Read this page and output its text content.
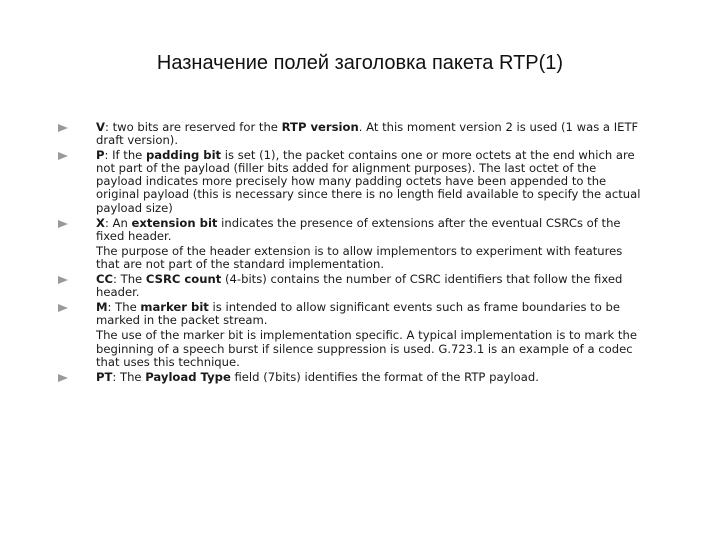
Назначение полей заголовка пакета RTP(1)

V: two bits are reserved for the RTP version. At this moment version 2 is used (1 was a IETF draft version).

P: If the padding bit is set (1), the packet contains one or more octets at the end which are not part of the payload (filler bits added for alignment purposes). The last octet of the payload indicates more precisely how many padding octets have been appended to the original payload (this is necessary since there is no length field available to specify the actual payload size)

X: An extension bit indicates the presence of extensions after the eventual CSRCs of the fixed header.

The purpose of the header extension is to allow implementors to experiment with features that are not part of the standard implementation.

CC: The CSRC count (4-bits) contains the number of CSRC identifiers that follow the fixed header.

M: The marker bit is intended to allow significant events such as frame boundaries to be marked in the packet stream.

The use of the marker bit is implementation specific. A typical implementation is to mark the beginning of a speech burst if silence suppression is used. G.723.1 is an example of a codec that uses this technique.

PT: The Payload Type field (7bits) identifies the format of the RTP payload.
